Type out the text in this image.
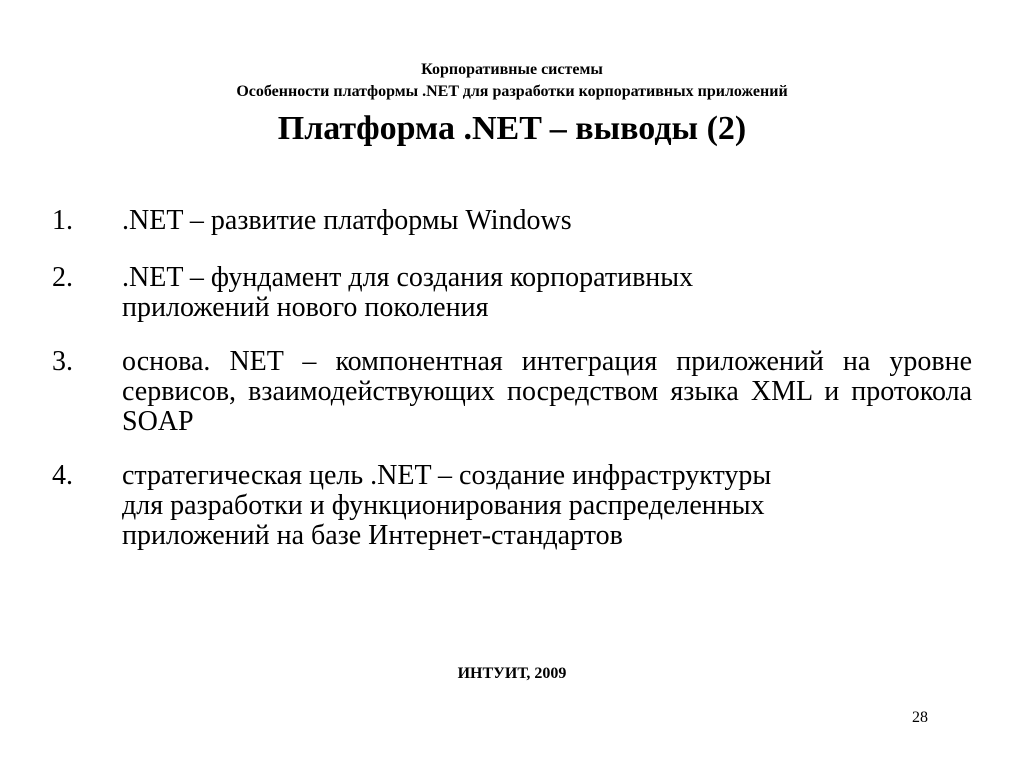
Корпоративные системы
Особенности платформы .NET для разработки корпоративных приложений
Платформа .NET – выводы (2)
1.	.NET – развитие платформы Windows
2.	.NET – фундамент для создания корпоративных
приложений нового поколения
3.	основа. NET – компонентная интеграция приложений на уровне сервисов, взаимодействующих посредством языка XML и протокола SOAP
4.	стратегическая цель .NET – создание инфраструктуры
для разработки и функционирования распределенных
приложений на базе Интернет-стандартов
ИНТУИТ, 2009
28
